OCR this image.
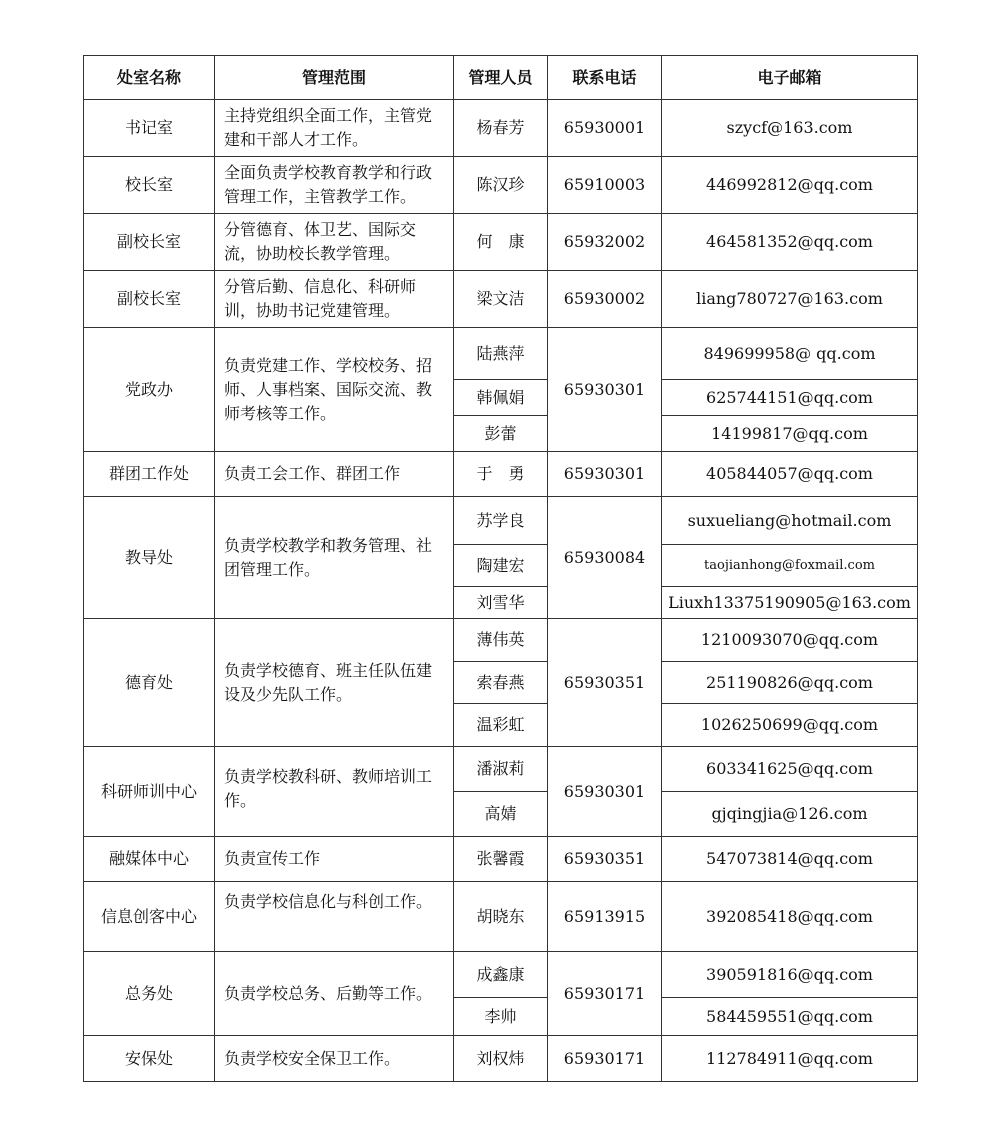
处室名称	管理范围	管理人员	联系电话	电子邮箱
书记室	主持党组织全面工作，主管党建和干部人才工作。	杨春芳	65930001	szycf@163.com
校长室	全面负责学校教育教学和行政管理工作，主管教学工作。	陈汉珍	65910003	446992812@qq.com
副校长室	分管德育、体卫艺、国际交流，协助校长教学管理。	何　康	65932002	464581352@qq.com
副校长室	分管后勤、信息化、科研师训，协助书记党建管理。	梁文洁	65930002	liang780727@163.com
党政办	负责党建工作、学校校务、招师、人事档案、国际交流、教师考核等工作。	陆燕萍	65930301	849699958@ qq.com
		韩佩娟		625744151@qq.com
		彭蕾		14199817@qq.com
群团工作处	负责工会工作、群团工作	于　勇	65930301	405844057@qq.com
教导处	负责学校教学和教务管理、社团管理工作。	苏学良	65930084	suxueliang@hotmail.com
		陶建宏		taojianhong@foxmail.com
		刘雪华		Liuxh13375190905@163.com
德育处	负责学校德育、班主任队伍建设及少先队工作。	薄伟英	65930351	1210093070@qq.com
		索春燕		251190826@qq.com
		温彩虹		1026250699@qq.com
科研师训中心	负责学校教科研、教师培训工作。	潘淑莉	65930301	603341625@qq.com
		高婧		gjqingjia@126.com
融媒体中心	负责宣传工作	张馨霞	65930351	547073814@qq.com
信息创客中心	负责学校信息化与科创工作。	胡晓东	65913915	392085418@qq.com
总务处	负责学校总务、后勤等工作。	成鑫康	65930171	390591816@qq.com
		李帅		584459551@qq.com
安保处	负责学校安全保卫工作。	刘权炜	65930171	112784911@qq.com
